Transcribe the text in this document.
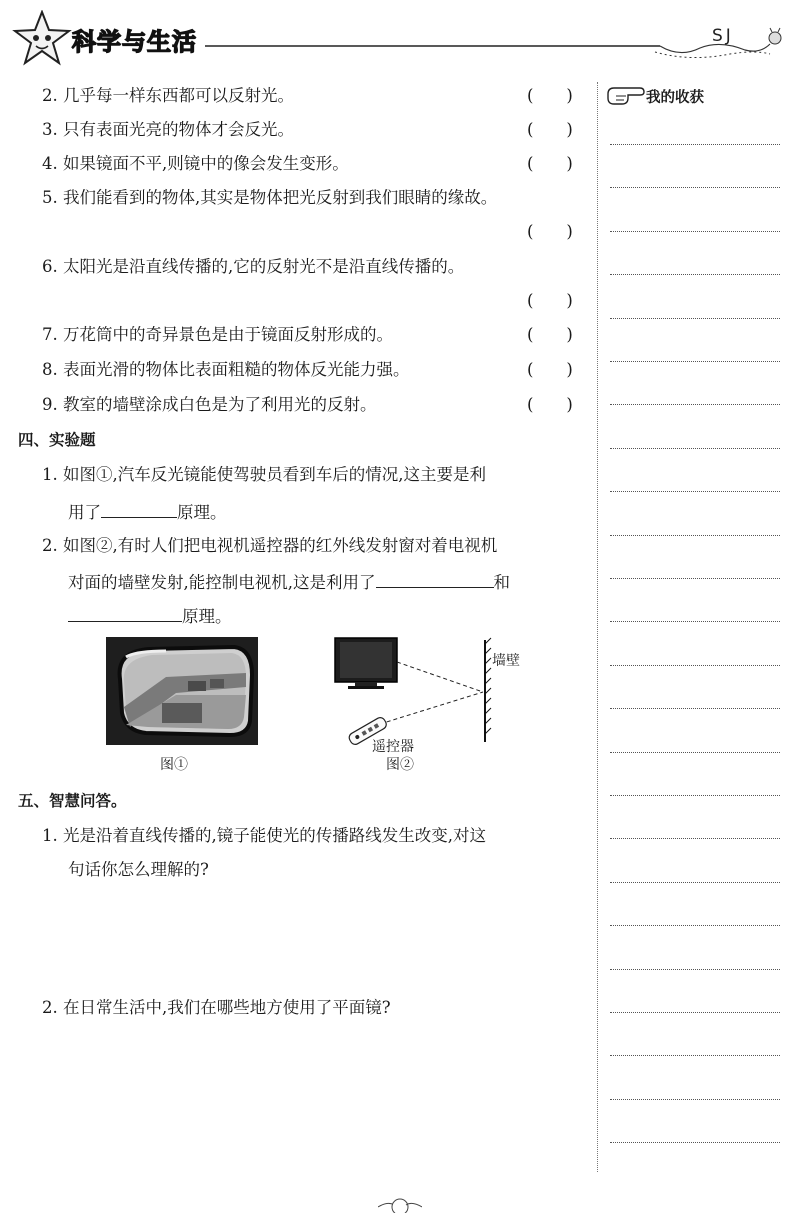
科学与生活	SJ
2. 几乎每一样东西都可以反射光。	(　　)
3. 只有表面光亮的物体才会反光。	(　　)
4. 如果镜面不平,则镜中的像会发生变形。	(　　)
5. 我们能看到的物体,其实是物体把光反射到我们眼睛的缘故。
(　　)
6. 太阳光是沿直线传播的,它的反射光不是沿直线传播的。
(　　)
7. 万花筒中的奇异景色是由于镜面反射形成的。	(　　)
8. 表面光滑的物体比表面粗糙的物体反光能力强。	(　　)
9. 教室的墙壁涂成白色是为了利用光的反射。	(　　)
四、实验题
1. 如图①,汽车反光镜能使驾驶员看到车后的情况,这主要是利
用了	原理。
2. 如图②,有时人们把电视机遥控器的红外线发射窗对着电视机
对面的墙壁发射,能控制电视机,这是利用了	和
原理。
图①
墙壁
遥控器
图②
五、智慧问答。
1. 光是沿着直线传播的,镜子能使光的传播路线发生改变,对这
句话你怎么理解的?
2. 在日常生活中,我们在哪些地方使用了平面镜?
我的收获
